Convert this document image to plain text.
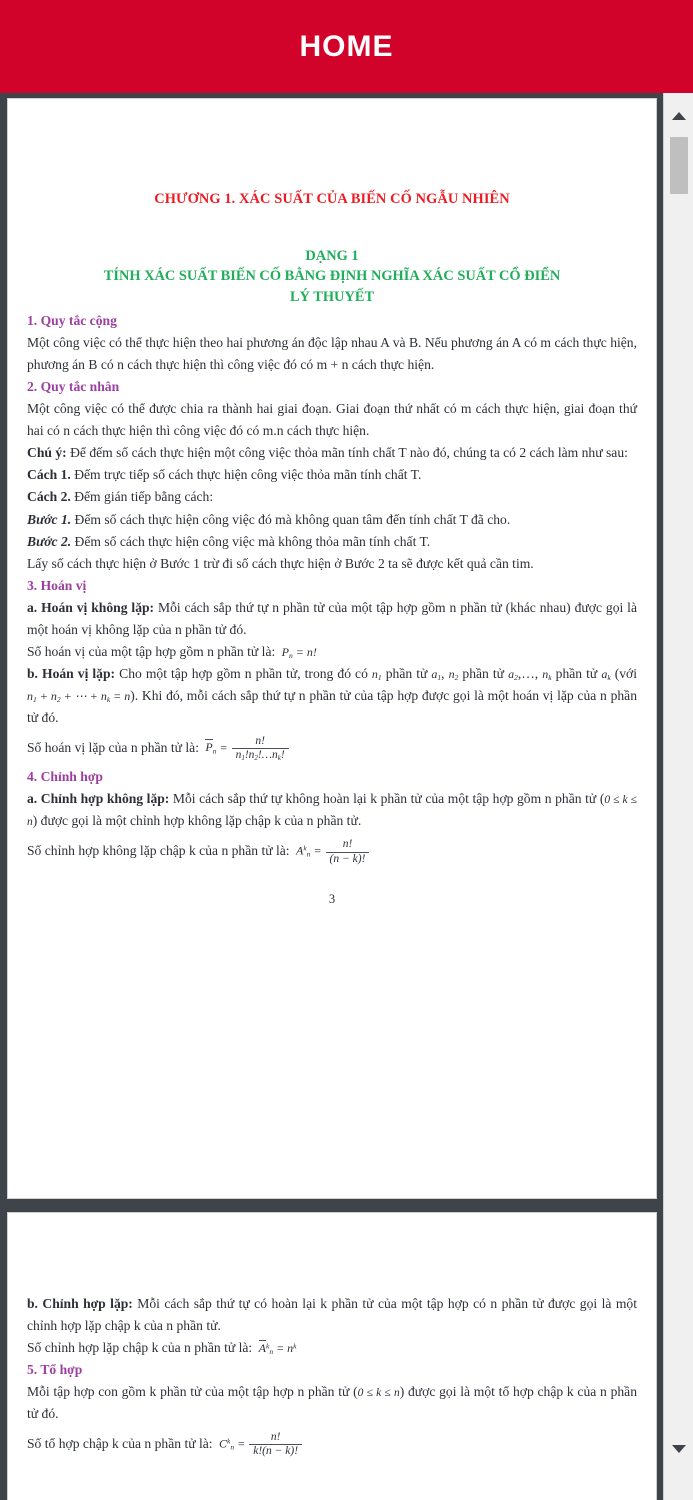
HOME
CHƯƠNG 1. XÁC SUẤT CỦA BIẾN CỐ NGẪU NHIÊN
DẠNG 1
TÍNH XÁC SUẤT BIẾN CỐ BẰNG ĐỊNH NGHĨA XÁC SUẤT CỔ ĐIỂN
LÝ THUYẾT
1. Quy tắc cộng
Một công việc có thể thực hiện theo hai phương án độc lập nhau A và B. Nếu phương án A có m cách thực hiện, phương án B có n cách thực hiện thì công việc đó có m + n cách thực hiện.
2. Quy tắc nhân
Một công việc có thể được chia ra thành hai giai đoạn. Giai đoạn thứ nhất có m cách thực hiện, giai đoạn thứ hai có n cách thực hiện thì công việc đó có m.n cách thực hiện.
Chú ý: Để đếm số cách thực hiện một công việc thỏa mãn tính chất T nào đó, chúng ta có 2 cách làm như sau:
Cách 1. Đếm trực tiếp số cách thực hiện công việc thỏa mãn tính chất T.
Cách 2. Đếm gián tiếp bằng cách:
Bước 1. Đếm số cách thực hiện công việc đó mà không quan tâm đến tính chất T đã cho.
Bước 2. Đếm số cách thực hiện công việc mà không thỏa mãn tính chất T.
Lấy số cách thực hiện ở Bước 1 trừ đi số cách thực hiện ở Bước 2 ta sẽ được kết quả cần tim.
3. Hoán vị
a. Hoán vị không lặp: Mỗi cách sắp thứ tự n phần tử của một tập hợp gồm n phần tử (khác nhau) được gọi là một hoán vị không lặp của n phần tử đó.
Số hoán vị của một tập hợp gồm n phần tử là: $P_n = n$!
b. Hoán vị lặp: Cho một tập hợp gồm n phần tử, trong đó có $n_1$ phần tử $a_1$, $n_2$ phần tử $a_2,\dots$, $n_k$ phần tử $a_k$ (với $n_1 + n_2$ + ⋯ + $n_k = n$). Khi đó, mỗi cách sắp thứ tự n phần tử của tập hợp được gọi là một hoán vị lặp của n phần tử đó.
Số hoán vị lặp của n phần tử là: $P_n = \frac{n!}{n_1!n_2!\dots n_k!}$
4. Chỉnh hợp
a. Chỉnh hợp không lặp: Mỗi cách sắp thứ tự không hoàn lại k phần tử của một tập hợp gồm n phần tử (0 ≤ k ≤ n) được gọi là một chỉnh hợp không lặp chập k của n phần tử.
Số chỉnh hợp không lặp chập k của n phần tử là: $A^k_n = \frac{n!}{(n - k)!}$
3
b. Chỉnh hợp lặp: Mỗi cách sắp thứ tự có hoàn lại k phần tử của một tập hợp có n phần tử được gọi là một chỉnh hợp lặp chập k của n phần tử.
Số chỉnh hợp lặp chập k của n phần tử là: $A^k_n = n^k$
5. Tổ hợp
Mỗi tập hợp con gồm k phần tử của một tập hợp n phần tử (0 ≤ k ≤ n) được gọi là một tổ hợp chập k của n phần tử đó.
Số tổ hợp chập k của n phần tử là: $C^k_n = \frac{n!}{k!(n - k)!}$
